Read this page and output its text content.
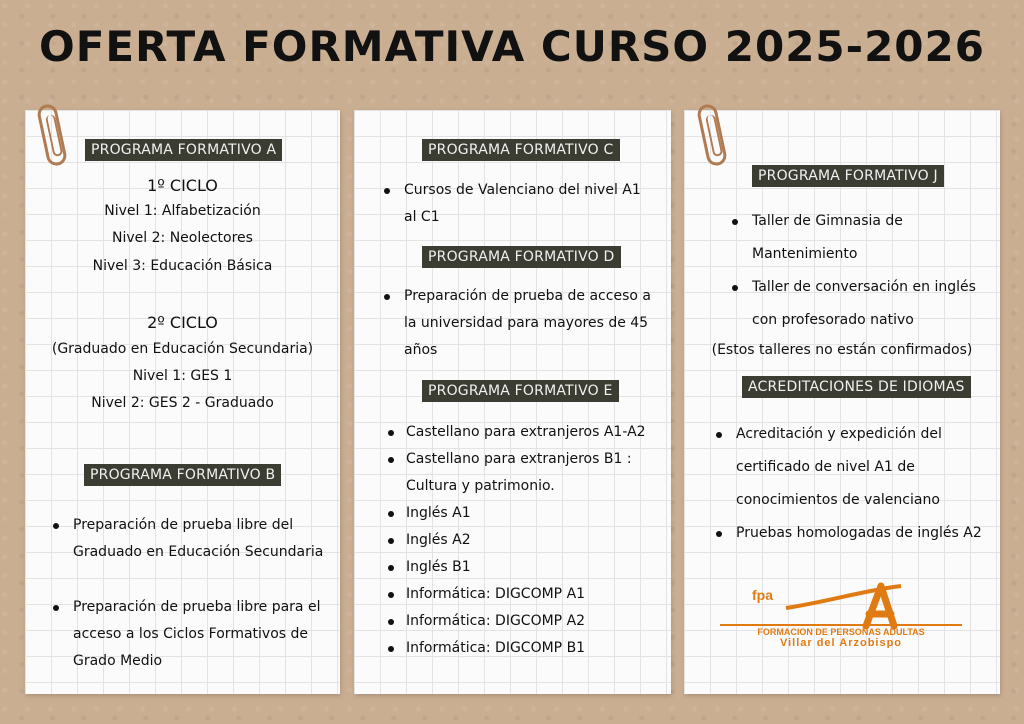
OFERTA FORMATIVA CURSO 2025-2026
PROGRAMA FORMATIVO A
1º CICLO
Nivel 1: Alfabetización
Nivel 2: Neolectores
Nivel 3: Educación Básica
2º CICLO
(Graduado en Educación Secundaria)
Nivel 1: GES 1
Nivel 2: GES 2 - Graduado
PROGRAMA FORMATIVO B
Preparación de prueba libre del
Graduado en Educación Secundaria
Preparación de prueba libre para el
acceso a los Ciclos Formativos de
Grado Medio
PROGRAMA FORMATIVO C
Cursos de Valenciano del nivel A1
al C1
PROGRAMA FORMATIVO D
Preparación de prueba de acceso a
la universidad para mayores de 45
años
PROGRAMA FORMATIVO E
Castellano para extranjeros A1-A2
Castellano para extranjeros B1 :
Cultura y patrimonio.
Inglés A1
Inglés A2
Inglés B1
Informática: DIGCOMP A1
Informática: DIGCOMP A2
Informática: DIGCOMP B1
PROGRAMA FORMATIVO J
Taller de Gimnasia de
Mantenimiento
Taller de conversación en inglés
con profesorado nativo
(Estos talleres no están confirmados)
ACREDITACIONES DE IDIOMAS
Acreditación y expedición del
certificado de nivel A1 de
conocimientos de valenciano
Pruebas homologadas de inglés A2
fpa
FORMACION DE PERSONAS ADULTAS
Villar del Arzobispo
